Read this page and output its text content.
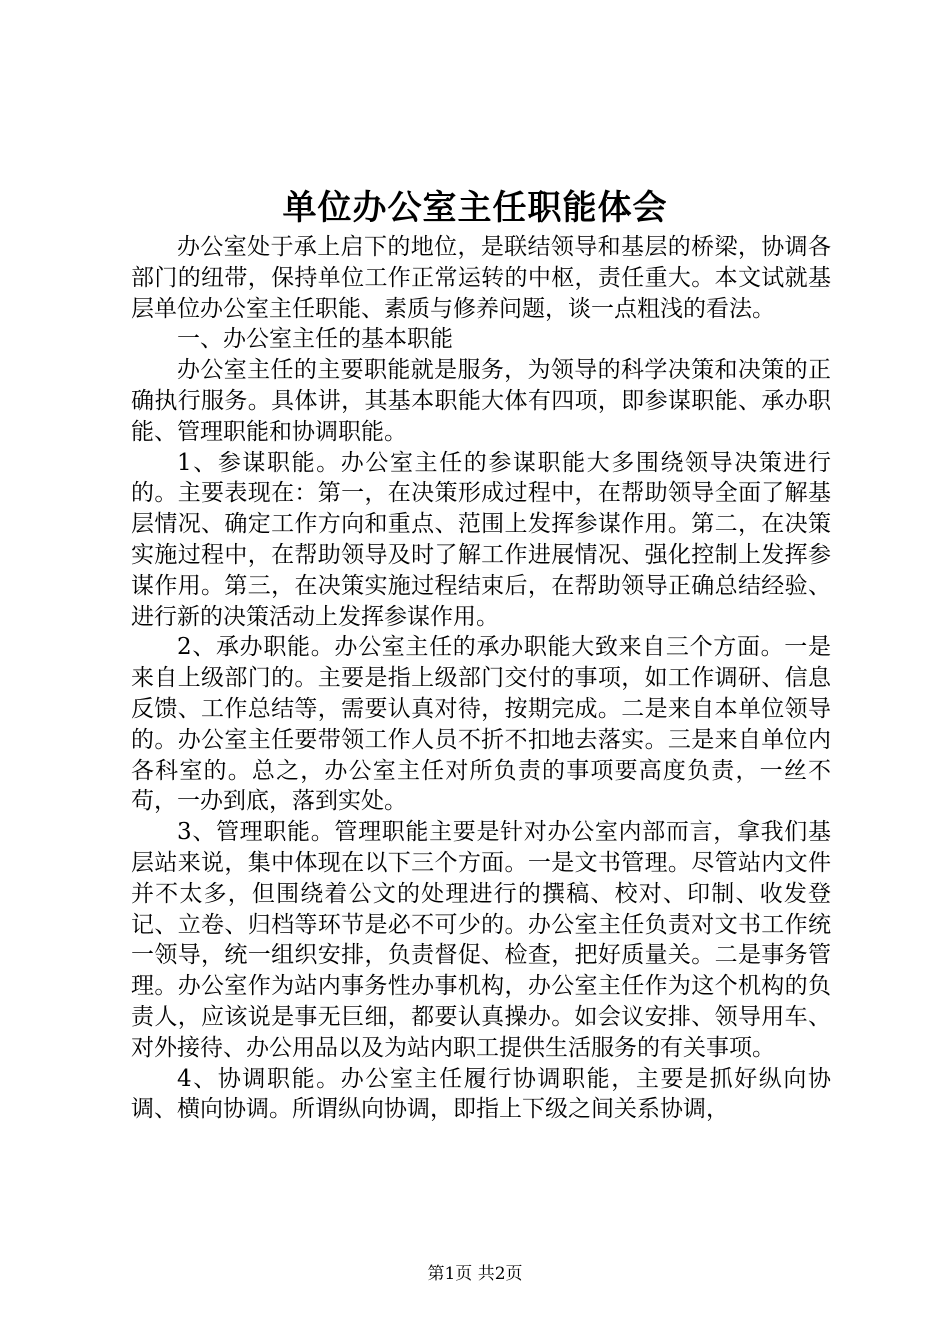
单位办公室主任职能体会

办公室处于承上启下的地位，是联结领导和基层的桥梁，协调各部门的纽带，保持单位工作正常运转的中枢，责任重大。本文试就基层单位办公室主任职能、素质与修养问题，谈一点粗浅的看法。

一、办公室主任的基本职能

办公室主任的主要职能就是服务，为领导的科学决策和决策的正确执行服务。具体讲，其基本职能大体有四项，即参谋职能、承办职能、管理职能和协调职能。

1、参谋职能。办公室主任的参谋职能大多围绕领导决策进行的。主要表现在：第一，在决策形成过程中，在帮助领导全面了解基层情况、确定工作方向和重点、范围上发挥参谋作用。第二，在决策实施过程中，在帮助领导及时了解工作进展情况、强化控制上发挥参谋作用。第三，在决策实施过程结束后，在帮助领导正确总结经验、进行新的决策活动上发挥参谋作用。

2、承办职能。办公室主任的承办职能大致来自三个方面。一是来自上级部门的。主要是指上级部门交付的事项，如工作调研、信息反馈、工作总结等，需要认真对待，按期完成。二是来自本单位领导的。办公室主任要带领工作人员不折不扣地去落实。三是来自单位内各科室的。总之，办公室主任对所负责的事项要高度负责，一丝不苟，一办到底，落到实处。

3、管理职能。管理职能主要是针对办公室内部而言，拿我们基层站来说，集中体现在以下三个方面。一是文书管理。尽管站内文件并不太多，但围绕着公文的处理进行的撰稿、校对、印制、收发登记、立卷、归档等环节是必不可少的。办公室主任负责对文书工作统一领导，统一组织安排，负责督促、检查，把好质量关。二是事务管理。办公室作为站内事务性办事机构，办公室主任作为这个机构的负责人，应该说是事无巨细，都要认真操办。如会议安排、领导用车、对外接待、办公用品以及为站内职工提供生活服务的有关事项。

4、协调职能。办公室主任履行协调职能，主要是抓好纵向协调、横向协调。所谓纵向协调，即指上下级之间关系协调，

第1页 共2页
